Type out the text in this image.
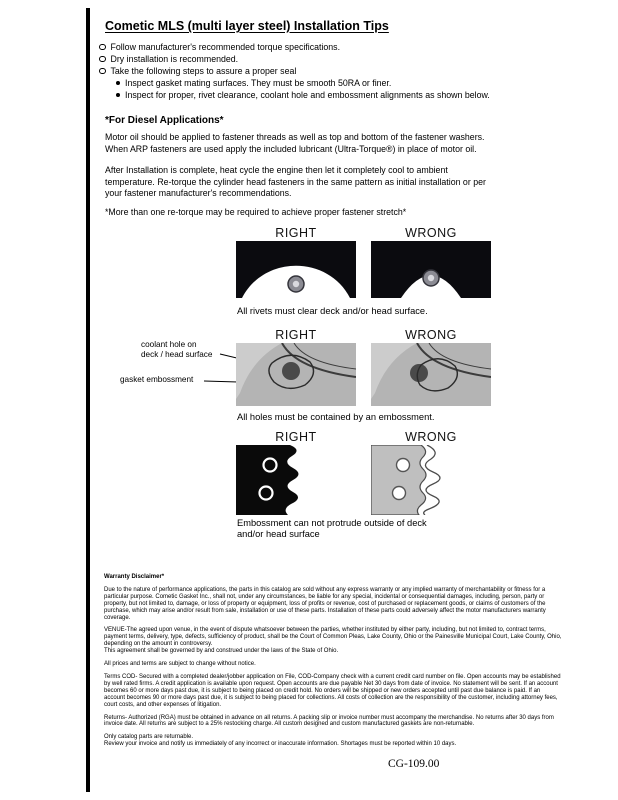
Cometic MLS (multi layer steel) Installation Tips
Follow manufacturer's recommended torque specifications.
Dry installation is recommended.
Take the following steps to assure a proper seal
Inspect gasket mating surfaces. They must be smooth 50RA or finer.
Inspect for proper, rivet clearance, coolant hole and embossment alignments as shown below.
*For Diesel Applications*
Motor oil should be applied to fastener threads as well as top and bottom of the fastener washers. When ARP fasteners are used apply the included lubricant (Ultra-Torque®) in place of motor oil.
After Installation is complete, heat cycle the engine then let it completely cool to ambient temperature. Re-torque the cylinder head fasteners in the same pattern as initial installation or per your fastener manufacturer's recommendations.
*More than one re-torque may be required to achieve proper fastener stretch*
RIGHT	WRONG
All rivets must clear deck and/or head surface.
RIGHT	WRONG
coolant hole on
deck / head surface
gasket embossment
All holes must be contained by an embossment.
RIGHT	WRONG
Embossment can not protrude outside of deck
and/or head surface
Warranty Disclaimer*

Due to the nature of performance applications, the parts in this catalog are sold without any express warranty or any implied warranty of merchantability or fitness for a particular purpose. Cometic Gasket Inc., shall not, under any circumstances, be liable for any special, incidental or consequential damages, including, person, party or property, but not limited to, damage, or loss of property or equipment, loss of profits or revenue, cost of purchased or replacement goods, or claims of customers of the purchase, which may arise and/or result from sale, installation or use of these parts. Installation of these parts could adversely affect the motor manufacturers warranty coverage.

VENUE-The agreed upon venue, in the event of dispute whatsoever between the parties, whether instituted by either party, including, but not limited to, contract terms, payment terms, delivery, type, defects, sufficiency of product, shall be the Court of Common Pleas, Lake County, Ohio or the Painesville Municipal Court, Lake County, Ohio, depending on the amount in controversy.

This agreement shall be governed by and construed under the laws of the State of Ohio.

All prices and terms are subject to change without notice.

Terms COD- Secured with a completed dealer/jobber application on File, COD-Company check with a current credit card number on file. Open accounts may be established by well rated firms. A credit application is available upon request. Open accounts are due payable Net 30 days from date of invoice. No statement will be sent. If an account becomes 60 or more days past due, it is subject to being placed on credit hold. No orders will be shipped or new orders accepted until past due balance is paid. If an account becomes 90 or more days past due, it is subject to being placed for collections. All costs of collection are the responsibility of the customer, including attorney fees, court costs, and other expenses of litigation.

Returns- Authorized (RGA) must be obtained in advance on all returns. A packing slip or invoice number must accompany the merchandise. No returns after 30 days from invoice date. All returns are subject to a 25% restocking charge. All custom designed and custom manufactured gaskets are non-returnable.

Only catalog parts are returnable.

Review your invoice and notify us immediately of any incorrect or inaccurate information. Shortages must be reported within 10 days.

CG-109.00
